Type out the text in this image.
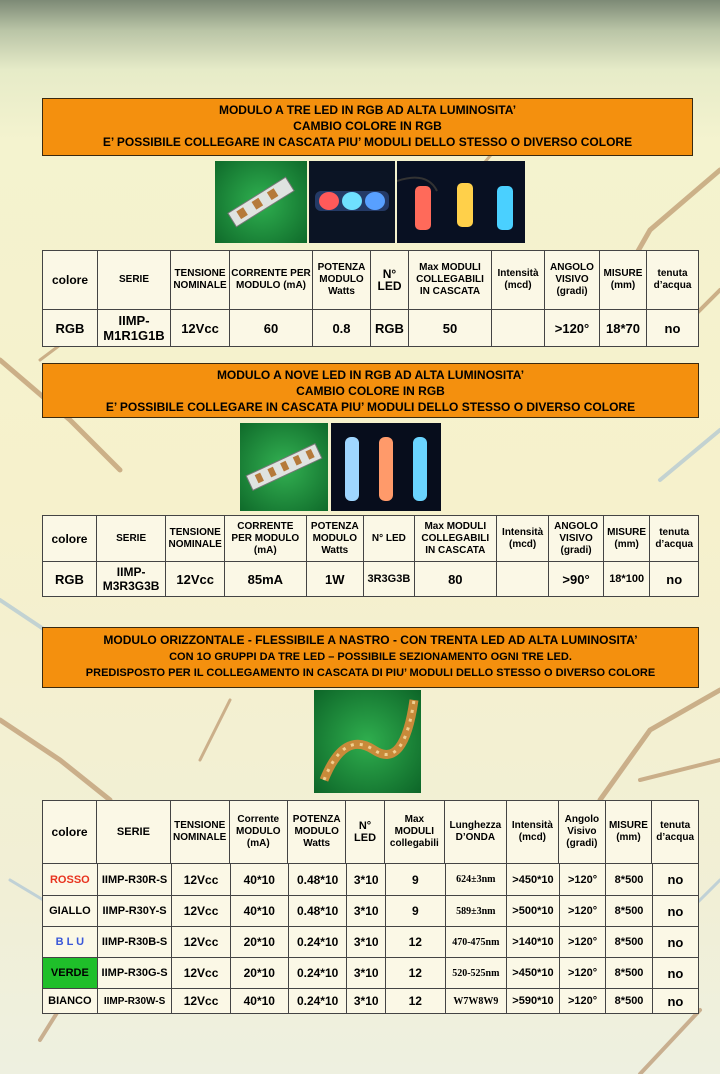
MODULO A TRE LED IN RGB AD ALTA LUMINOSITA’
CAMBIO COLORE IN RGB
E’ POSSIBILE COLLEGARE IN CASCATA PIU’ MODULI DELLO STESSO O DIVERSO COLORE
colore	SERIE	TENSIONE NOMINALE	CORRENTE PER MODULO (mA)	POTENZA MODULO Watts	N° LED	Max MODULI COLLEGABILI IN CASCATA	Intensità (mcd)	ANGOLO VISIVO (gradi)	MISURE (mm)	tenuta d’acqua
RGB	IIMP-M1R1G1B	12Vcc	60	0.8	RGB	50		>120°	18*70	no
MODULO A NOVE LED IN RGB AD ALTA LUMINOSITA’
CAMBIO COLORE IN RGB
E’ POSSIBILE COLLEGARE IN CASCATA PIU’ MODULI DELLO STESSO O DIVERSO COLORE
colore	SERIE	TENSIONE NOMINALE	CORRENTE PER MODULO (mA)	POTENZA MODULO Watts	N° LED	Max MODULI COLLEGABILI IN CASCATA	Intensità (mcd)	ANGOLO VISIVO (gradi)	MISURE (mm)	tenuta d’acqua
RGB	IIMP-M3R3G3B	12Vcc	85mA	1W	3R3G3B	80		>90°	18*100	no
MODULO ORIZZONTALE - FLESSIBILE A NASTRO - CON TRENTA LED AD ALTA LUMINOSITA’
CON 1O GRUPPI DA TRE LED – POSSIBILE SEZIONAMENTO OGNI TRE LED.
PREDISPOSTO PER IL COLLEGAMENTO IN CASCATA DI PIU’ MODULI DELLO STESSO O DIVERSO COLORE
colore	SERIE	TENSIONE NOMINALE	Corrente MODULO (mA)	POTENZA MODULO Watts	N° LED	Max MODULI collegabili	Lunghezza D’ONDA	Intensità (mcd)	Angolo Visivo (gradi)	MISURE (mm)	tenuta d’acqua
ROSSO	IIMP-R30R-S	12Vcc	40*10	0.48*10	3*10	9	624±3nm	>450*10	>120°	8*500	no
GIALLO	IIMP-R30Y-S	12Vcc	40*10	0.48*10	3*10	9	589±3nm	>500*10	>120°	8*500	no
B L U	IIMP-R30B-S	12Vcc	20*10	0.24*10	3*10	12	470-475nm	>140*10	>120°	8*500	no
VERDE	IIMP-R30G-S	12Vcc	20*10	0.24*10	3*10	12	520-525nm	>450*10	>120°	8*500	no
BIANCO	IIMP-R30W-S	12Vcc	40*10	0.24*10	3*10	12	W7W8W9	>590*10	>120°	8*500	no
